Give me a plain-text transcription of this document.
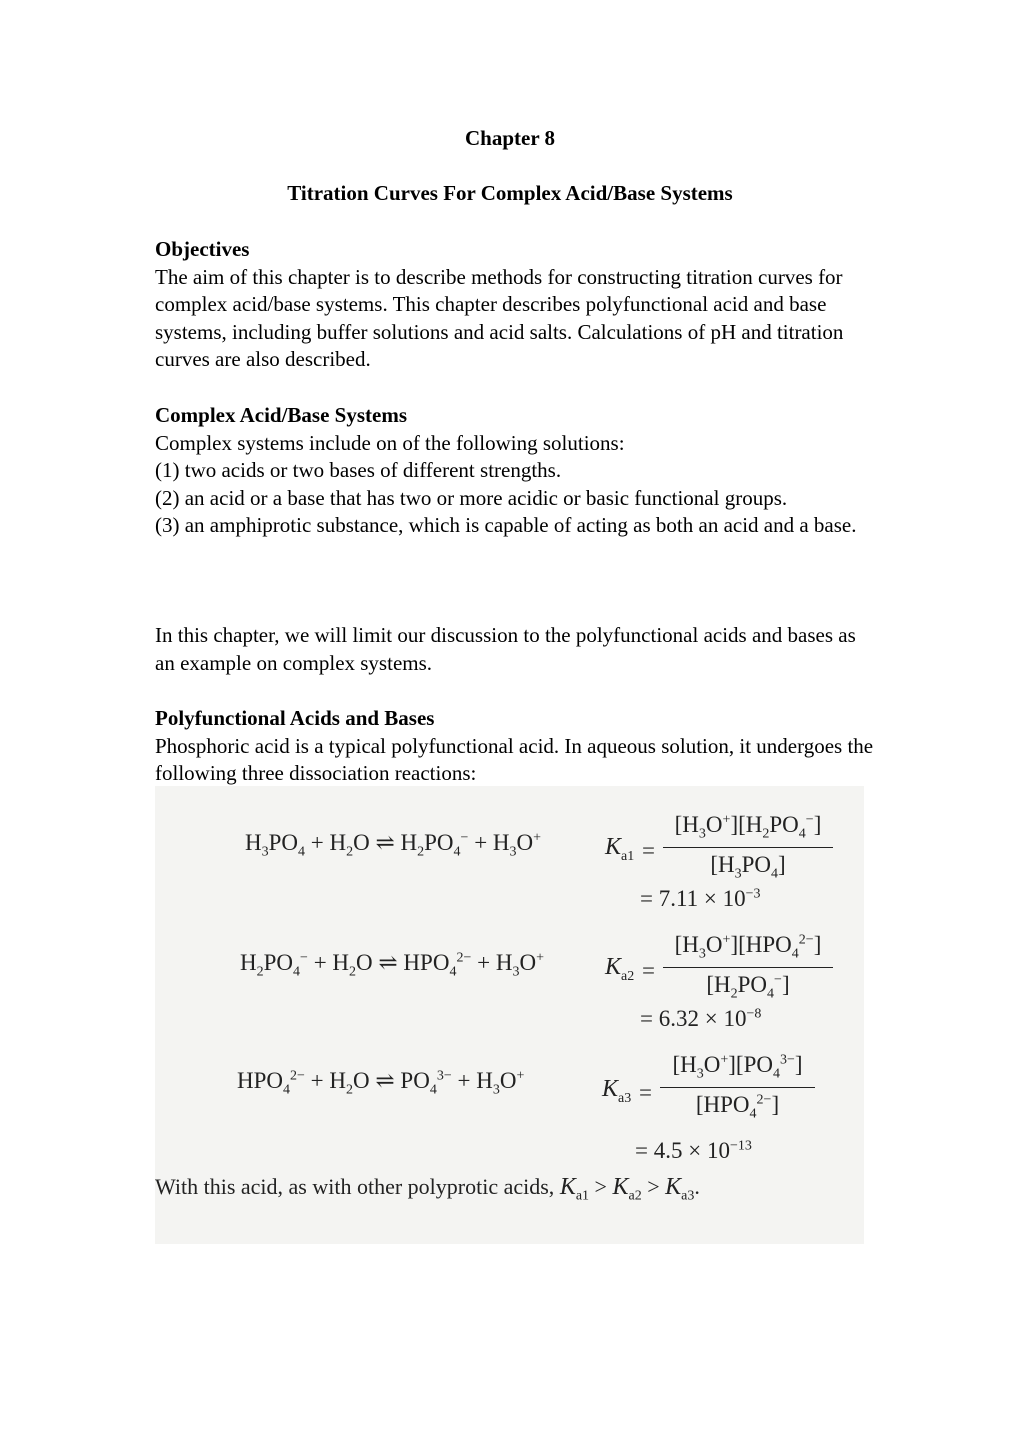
Chapter 8
Titration Curves For Complex Acid/Base Systems
Objectives

The aim of this chapter is to describe methods for constructing titration curves for complex acid/base systems. This chapter describes polyfunctional acid and base systems, including buffer solutions and acid salts. Calculations of pH and titration curves are also described.

Complex Acid/Base Systems

Complex systems include on of the following solutions:

(1) two acids or two bases of different strengths.

(2) an acid or a base that has two or more acidic or basic functional groups.

(3) an amphiprotic substance, which is capable of acting as both an acid and a base.

In this chapter, we will limit our discussion to the polyfunctional acids and bases as an example on complex systems.

Polyfunctional Acids and Bases

Phosphoric acid is a typical polyfunctional acid. In aqueous solution, it undergoes the following three dissociation reactions:

$H_3PO_4 + H_2O$ ⇌ $H_2PO_4^- + H_3O^+$	$K_{a1} = \frac{[H_3O^+][H_2PO_4^-]}{[H_3PO_4]}$
= $7.11 \times 10^{-3}$
$H_2PO_4^- + H_2O$ ⇌ $HPO_4^{2-} + H_3O^+$	$K_{a2}$ =
$[H_3O^+][HPO_4^{2-}]$
$[H_2PO_4^-]$
= $6.32 \times 10^{-8}$
$HPO_4^{2-} + H_2O$ ⇌ $PO_4^{3-} + H_3O^+$
$K_{a3}$ =
$[H_3O^+][PO_4^{3-}]$
$[HPO_4^{2-}]$
= $4.5 \times 10^{-13}$
With this acid, as with other polyprotic acids, $K_{a1} > K_{a2} > K_{a3}$.
